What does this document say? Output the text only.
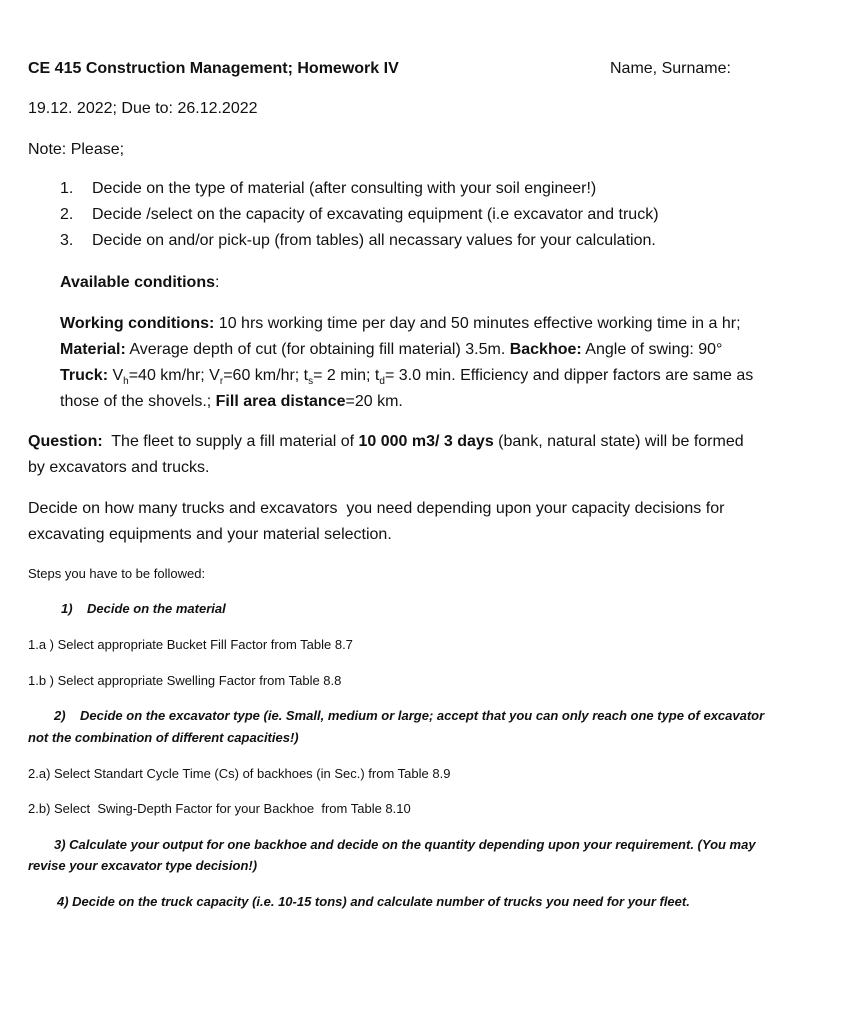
CE 415 Construction Management; Homework IV	Name, Surname:
19.12. 2022; Due to: 26.12.2022
Note: Please;
1. Decide on the type of material (after consulting with your soil engineer!)
2. Decide /select on the capacity of excavating equipment (i.e excavator and truck)
3. Decide on and/or pick-up (from tables) all necassary values for your calculation.
Available conditions:
Working conditions: 10 hrs working time per day and 50 minutes effective working time in a hr;
Material: Average depth of cut (for obtaining fill material) 3.5m. Backhoe: Angle of swing: 90°
Truck: $V_h=40$ km/hr; $V_r=60$ km/hr; $t_s= 2$ min; $t_d= 3.0$ min. Efficiency and dipper factors are same as
those of the shovels.; Fill area distance=20 km.
Question:  The fleet to supply a fill material of 10 000 m3/ 3 days (bank, natural state) will be formed
by excavators and trucks.
Decide on how many trucks and excavators  you need depending upon your capacity decisions for
excavating equipments and your material selection.
Steps you have to be followed:
1)    Decide on the material
1.a ) Select appropriate Bucket Fill Factor from Table 8.7
1.b ) Select appropriate Swelling Factor from Table 8.8
2)    Decide on the excavator type (ie. Small, medium or large; accept that you can only reach one type of excavator
not the combination of different capacities!)
2.a) Select Standart Cycle Time (Cs) of backhoes (in Sec.) from Table 8.9
2.b) Select  Swing-Depth Factor for your Backhoe  from Table 8.10
3) Calculate your output for one backhoe and decide on the quantity depending upon your requirement. (You may
revise your excavator type decision!)
4) Decide on the truck capacity (i.e. 10-15 tons) and calculate number of trucks you need for your fleet.
